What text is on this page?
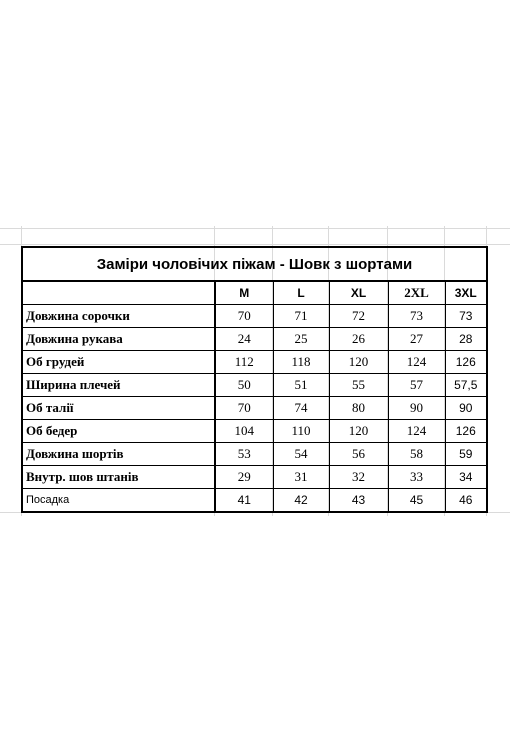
Заміри чоловічих піжам - Шовк з шортами					
	M	L	XL	2XL	3XL
Довжина сорочки	70	71	72	73	73
Довжина рукава	24	25	26	27	28
Об грудей	112	118	120	124	126
Ширина плечей	50	51	55	57	57,5
Об талії	70	74	80	90	90
Об бедер	104	110	120	124	126
Довжина шортів	53	54	56	58	59
Внутр. шов штанів	29	31	32	33	34
Посадка	41	42	43	45	46
